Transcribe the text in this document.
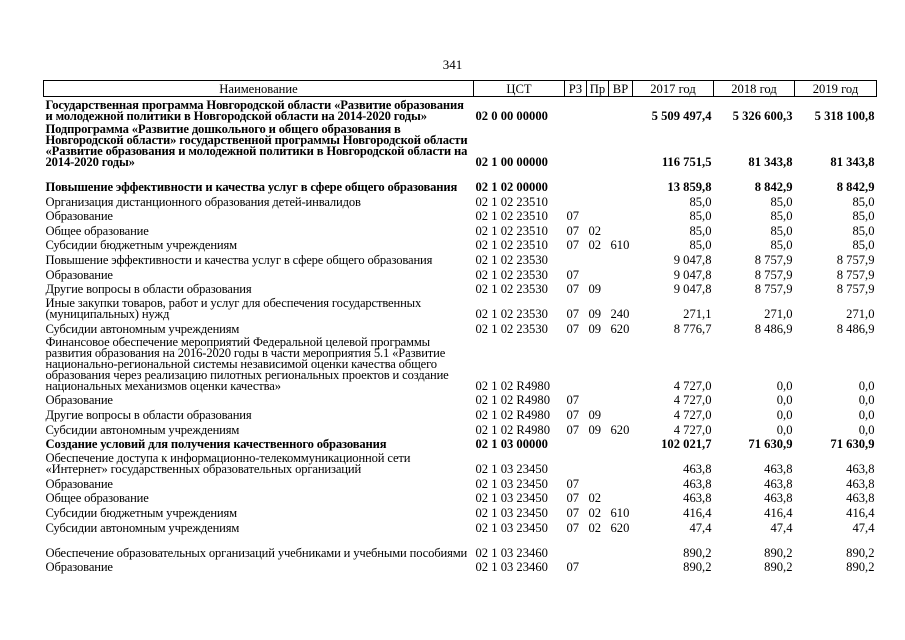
341
Наименование	ЦСТ	РЗ	Пр	ВР	2017 год	2018 год	2019 год
Государственная программа Новгородской области «Развитие образования и молодежной политики в Новгородской области на 2014-2020 годы»	02 0 00 00000				5 509 497,4	5 326 600,3	5 318 100,8
Подпрограмма «Развитие дошкольного и общего образования в Новгородской области» государственной программы Новгородской области «Развитие образования и молодежной политики в Новгородской области на 2014-2020 годы»	02 1 00 00000				116 751,5	81 343,8	81 343,8
Повышение эффективности и качества услуг в сфере общего образования	02 1 02 00000				13 859,8	8 842,9	8 842,9
Организация дистанционного образования детей-инвалидов	02 1 02 23510				85,0	85,0	85,0
Образование	02 1 02 23510	07			85,0	85,0	85,0
Общее образование	02 1 02 23510	07	02		85,0	85,0	85,0
Субсидии бюджетным учреждениям	02 1 02 23510	07	02	610	85,0	85,0	85,0
Повышение эффективности и качества услуг в сфере общего образования	02 1 02 23530				9 047,8	8 757,9	8 757,9
Образование	02 1 02 23530	07			9 047,8	8 757,9	8 757,9
Другие вопросы в области образования	02 1 02 23530	07	09		9 047,8	8 757,9	8 757,9
Иные закупки товаров, работ и услуг для обеспечения государственных (муниципальных) нужд	02 1 02 23530	07	09	240	271,1	271,0	271,0
Субсидии автономным учреждениям	02 1 02 23530	07	09	620	8 776,7	8 486,9	8 486,9
Финансовое обеспечение мероприятий Федеральной целевой программы развития образования на 2016-2020 годы в части мероприятия 5.1 «Развитие национально-региональной системы независимой оценки качества общего образования через реализацию пилотных региональных проектов и создание национальных механизмов оценки качества»	02 1 02 R4980				4 727,0	0,0	0,0
Образование	02 1 02 R4980	07			4 727,0	0,0	0,0
Другие вопросы в области образования	02 1 02 R4980	07	09		4 727,0	0,0	0,0
Субсидии автономным учреждениям	02 1 02 R4980	07	09	620	4 727,0	0,0	0,0
Создание условий для получения качественного образования	02 1 03 00000				102 021,7	71 630,9	71 630,9
Обеспечение доступа к информационно-телекоммуникационной сети «Интернет» государственных образовательных организаций	02 1 03 23450				463,8	463,8	463,8
Образование	02 1 03 23450	07			463,8	463,8	463,8
Общее образование	02 1 03 23450	07	02		463,8	463,8	463,8
Субсидии бюджетным учреждениям	02 1 03 23450	07	02	610	416,4	416,4	416,4
Субсидии автономным учреждениям	02 1 03 23450	07	02	620	47,4	47,4	47,4
Обеспечение образовательных организаций учебниками и учебными пособиями	02 1 03 23460				890,2	890,2	890,2
Образование	02 1 03 23460	07			890,2	890,2	890,2
